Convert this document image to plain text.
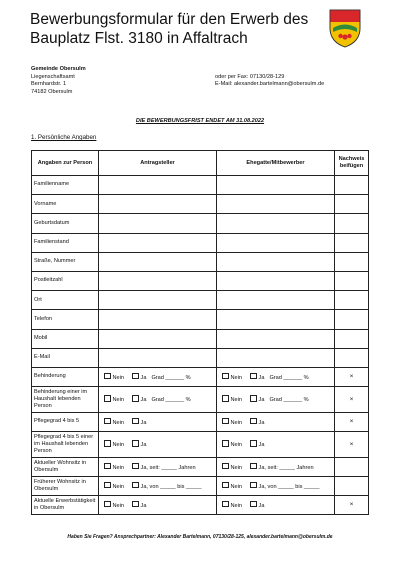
Bewerbungsformular für den Erwerb des
Bauplatz Flst. 3180 in Affaltrach
Gemeinde Obersulm
Liegenschaftsamt
Bernhardstr. 1
74182 Obersulm
oder per Fax: 07130/28-129
E-Mail: alexander.bartelmann@obersulm.de
DIE BEWERBUNGSFRIST ENDET AM 31.08.2022
1. Persönliche Angaben
Angaben zur Person	Antragsteller	Ehegatte/Mitbewerber	Nachweis beifügen
Familienname			
Vorname			
Geburtsdatum			
Familienstand			
Straße, Nummer			
Postleitzahl			
Ort			
Telefon			
Mobil			
E-Mail			
Behinderung	Nein Ja Grad ______ %	Nein Ja Grad ______ %	×
Behinderung einer im Haushalt lebenden Person	Nein Ja Grad ______ %	Nein Ja Grad ______ %	×
Pflegegrad 4 bis 5	Nein Ja	Nein Ja	×
Pflegegrad 4 bis 5 einer im Haushalt lebenden Person	Nein Ja	Nein Ja	×
Aktueller Wohnsitz in Obersulm	Nein Ja, seit: _____ Jahren	Nein Ja, seit: _____ Jahren	
Früherer Wohnsitz in Obersulm	Nein Ja, von _____ bis _____	Nein Ja, von _____ bis _____	
Aktuelle Erwerbstätigkeit in Obersulm	Nein Ja	Nein Ja	×
Haben Sie Fragen? Ansprechpartner: Alexander Bartelmann, 07130/28-125, alexander.bartelmann@obersulm.de
